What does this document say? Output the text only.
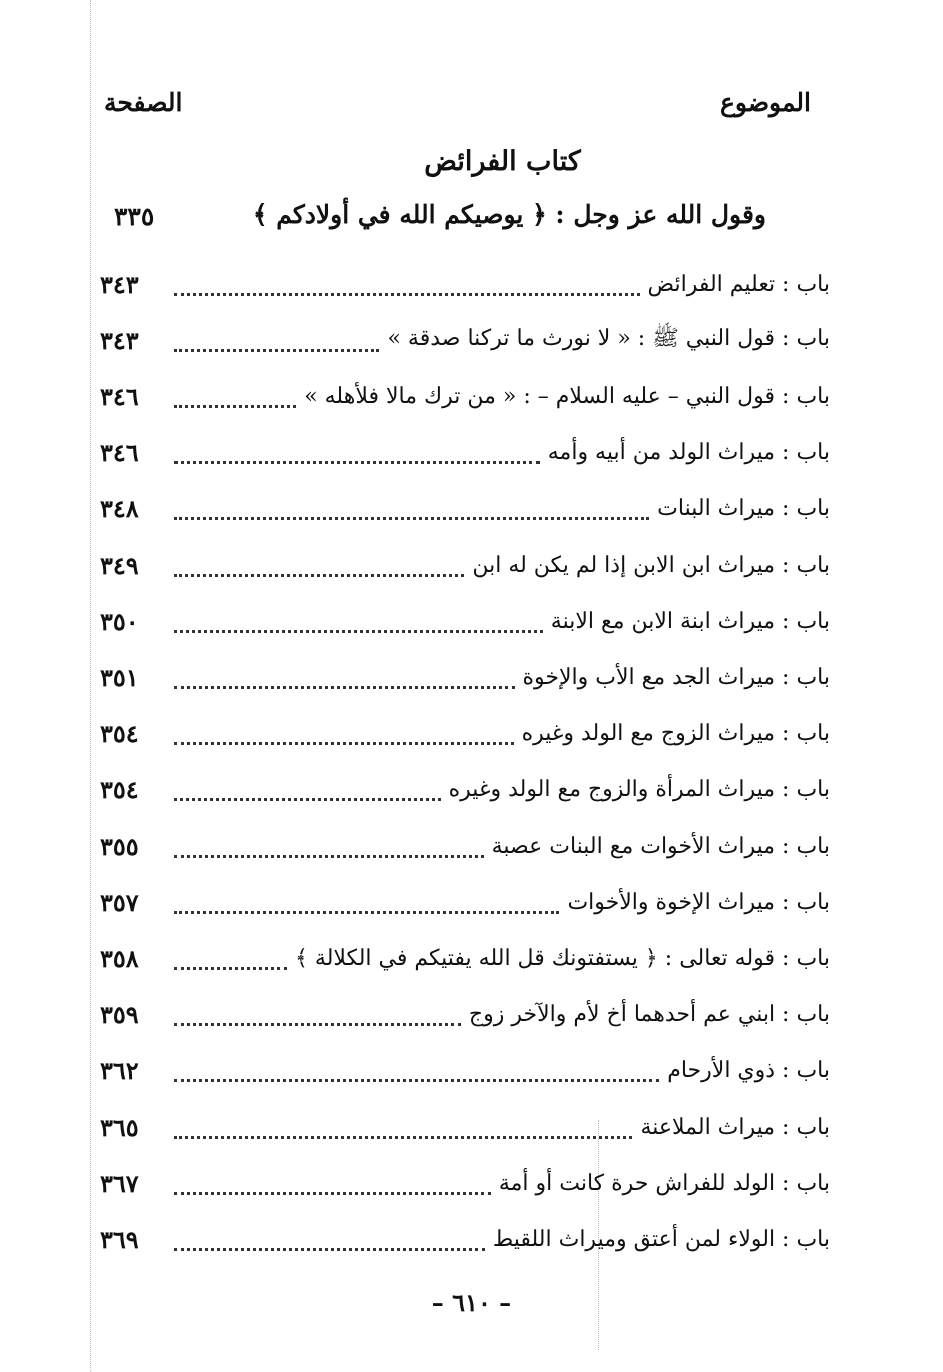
الموضوع
الصفحة
كتاب الفرائض
وقول الله عز وجل : ﴿ يوصيكم الله في أولادكم ﴾
٣٣٥
باب : تعليم الفرائض
٣٤٣
باب : قول النبي ﷺ : « لا نورث ما تركنا صدقة »
٣٤٣
باب : قول النبي – عليه السلام – : « من ترك مالا فلأهله »
٣٤٦
باب : ميراث الولد من أبيه وأمه
٣٤٦
باب : ميراث البنات
٣٤٨
باب : ميراث ابن الابن إذا لم يكن له ابن
٣٤٩
باب : ميراث ابنة الابن مع الابنة
٣٥٠
باب : ميراث الجد مع الأب والإخوة
٣٥١
باب : ميراث الزوج مع الولد وغيره
٣٥٤
باب : ميراث المرأة والزوج مع الولد وغيره
٣٥٤
باب : ميراث الأخوات مع البنات عصبة
٣٥٥
باب : ميراث الإخوة والأخوات
٣٥٧
باب : قوله تعالى : ﴿ يستفتونك قل الله يفتيكم في الكلالة ﴾
٣٥٨
باب : ابني عم أحدهما أخ لأم والآخر زوج
٣٥٩
باب : ذوي الأرحام
٣٦٢
باب : ميراث الملاعنة
٣٦٥
باب : الولد للفراش حرة كانت أو أمة
٣٦٧
باب : الولاء لمن أعتق وميراث اللقيط
٣٦٩
– ٦١٠ –
